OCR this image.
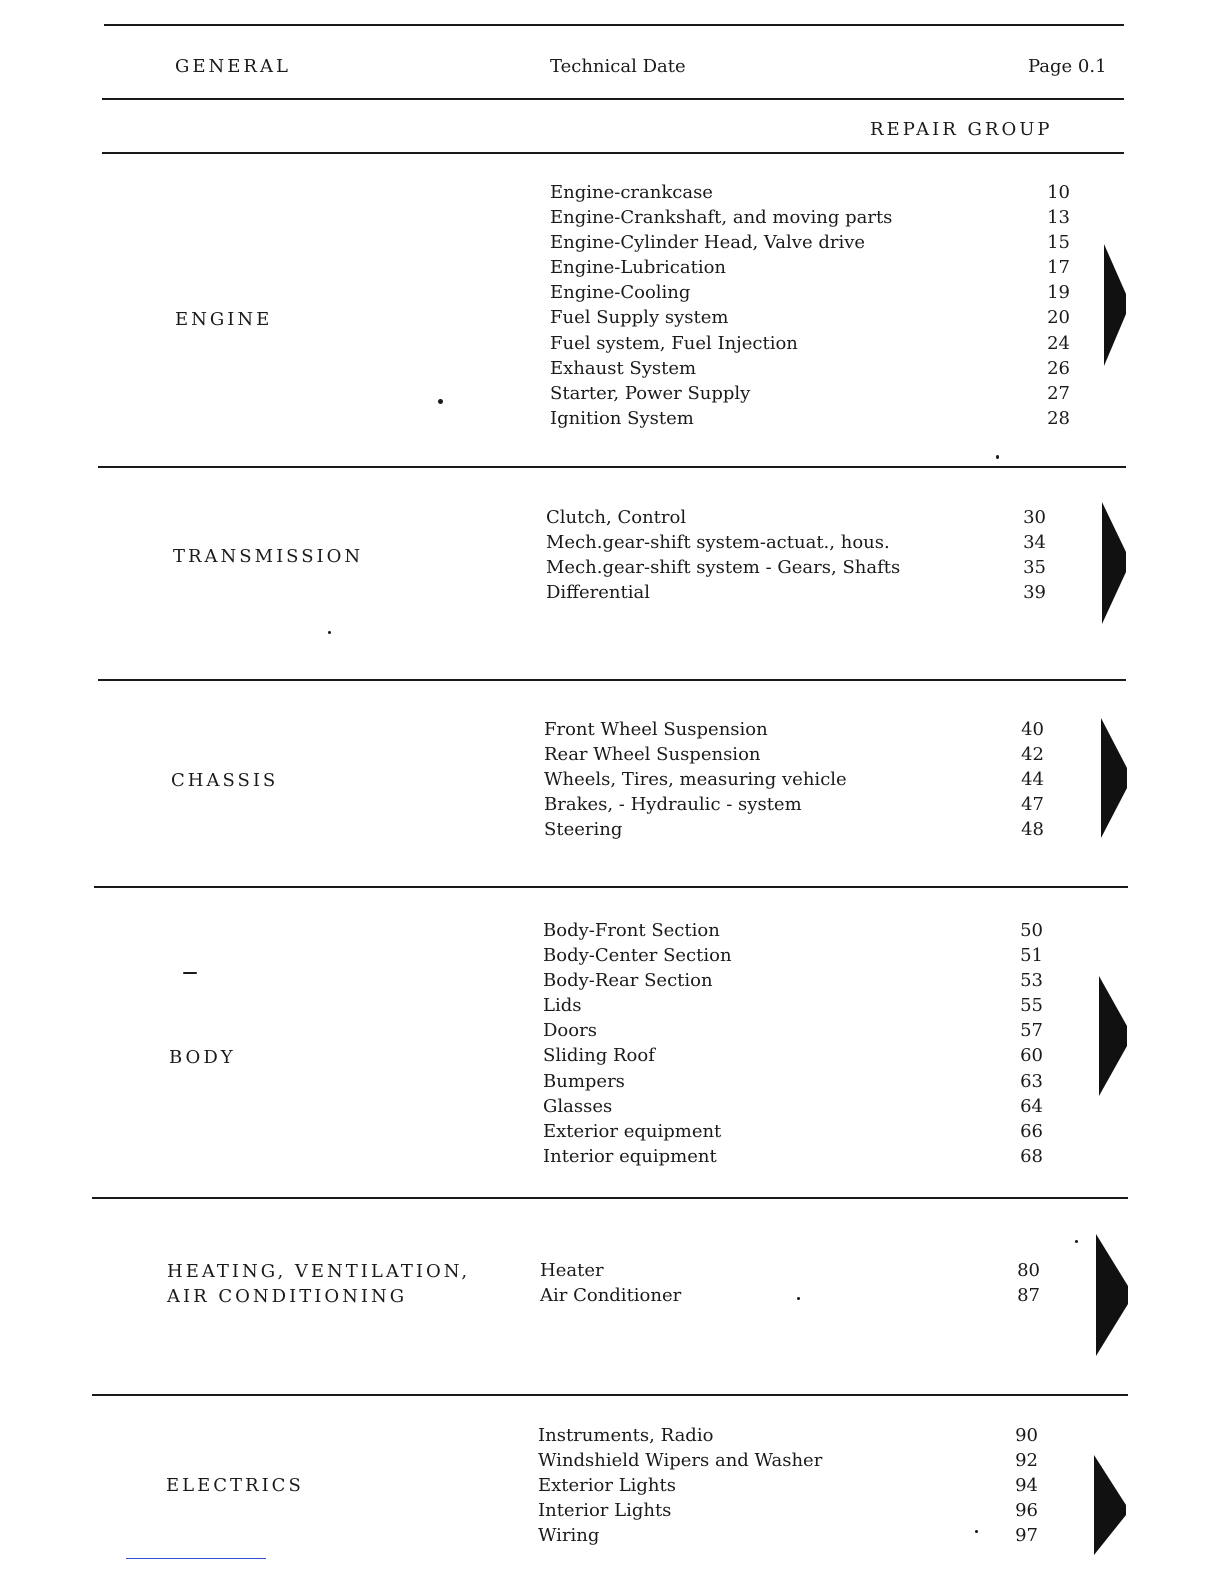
GENERAL	Technical Date	Page 0.1
REPAIR GROUP
ENGINE
Engine-crankcase	10
Engine-Crankshaft, and moving parts	13
Engine-Cylinder Head, Valve drive	15
Engine-Lubrication	17
Engine-Cooling	19
Fuel Supply system	20
Fuel system, Fuel Injection	24
Exhaust System	26
Starter, Power Supply	27
Ignition System	28
TRANSMISSION
Clutch, Control	30
Mech.gear-shift system-actuat., hous.	34
Mech.gear-shift system - Gears, Shafts	35
Differential	39
CHASSIS
Front Wheel Suspension	40
Rear Wheel Suspension	42
Wheels, Tires, measuring vehicle	44
Brakes, - Hydraulic - system	47
Steering	48
BODY
Body-Front Section	50
Body-Center Section	51
Body-Rear Section	53
Lids	55
Doors	57
Sliding Roof	60
Bumpers	63
Glasses	64
Exterior equipment	66
Interior equipment	68
HEATING, VENTILATION,
AIR CONDITIONING
Heater	80
Air Conditioner	87
ELECTRICS
Instruments, Radio	90
Windshield Wipers and Washer	92
Exterior Lights	94
Interior Lights	96
Wiring	97
